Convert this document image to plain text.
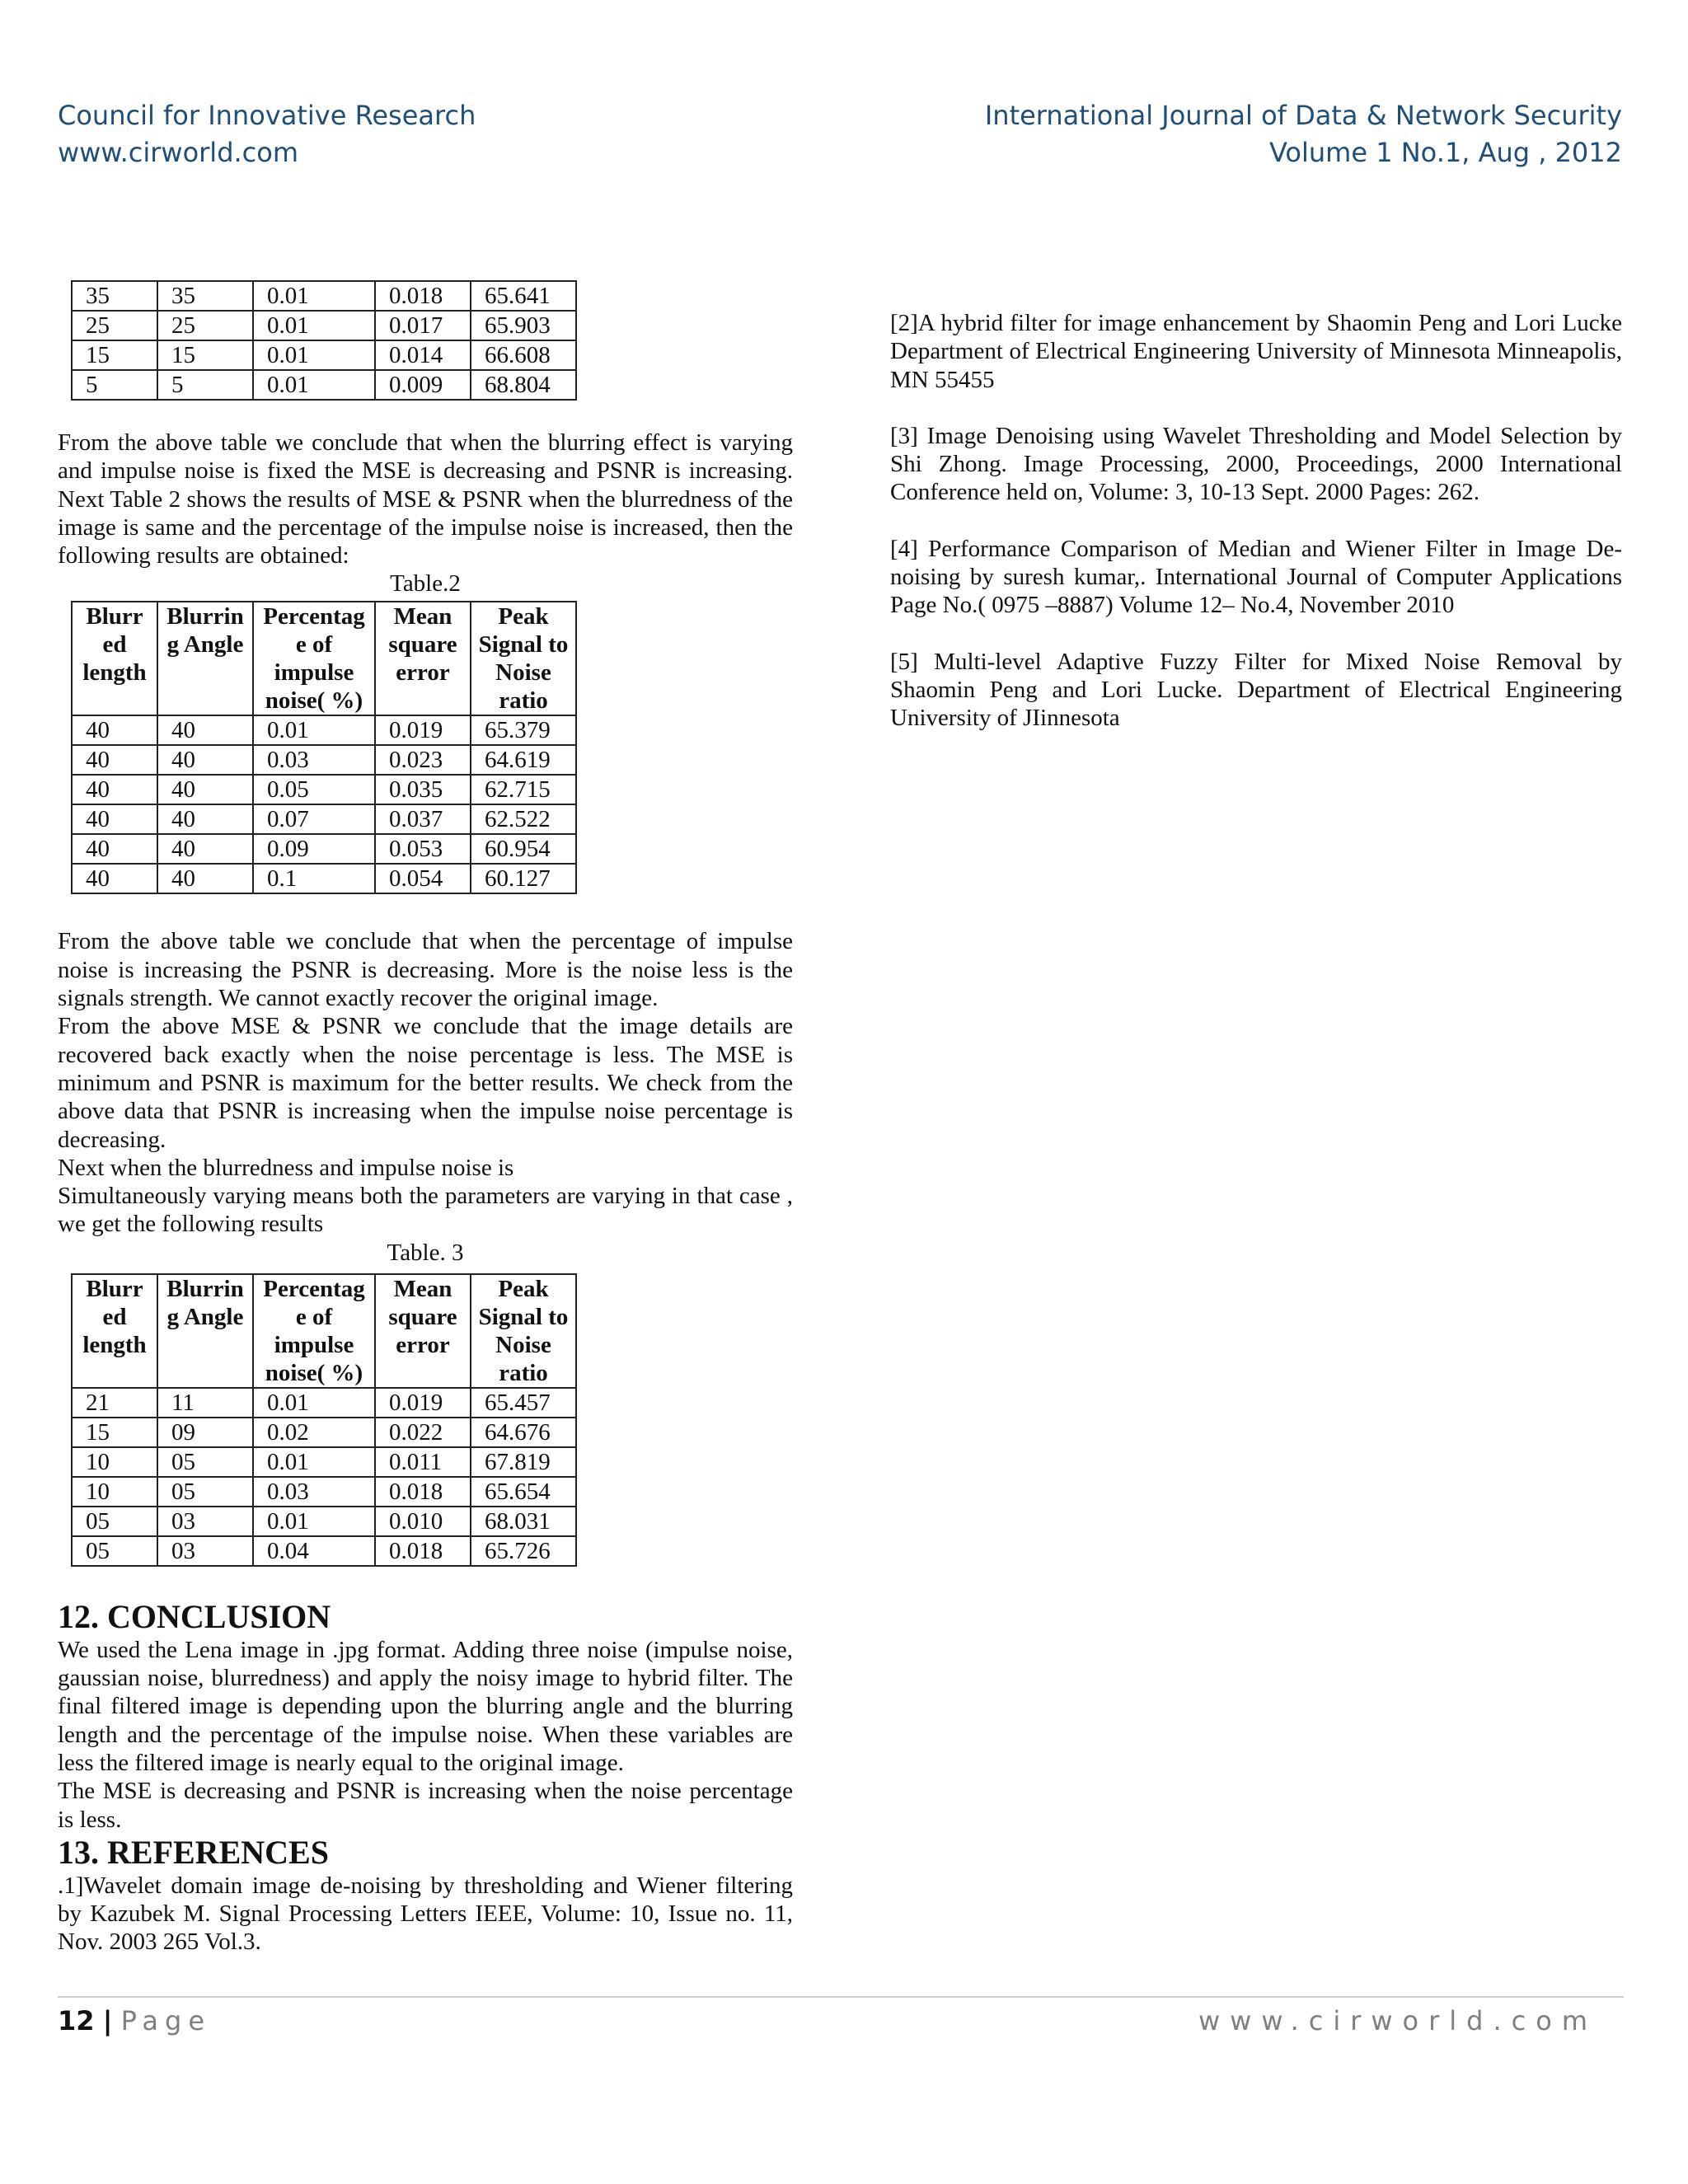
Council for Innovative Research
www.cirworld.com
International Journal of Data & Network Security
Volume 1 No.1, Aug , 2012
35	35	0.01	0.018	65.641
25	25	0.01	0.017	65.903
15	15	0.01	0.014	66.608
5	5	0.01	0.009	68.804

From the above table we conclude that when the blurring effect is varying and impulse noise is fixed the MSE is decreasing and PSNR is increasing. Next Table 2 shows the results of MSE & PSNR when the blurredness of the image is same and the percentage of the impulse noise is increased, then the following results are obtained:

Table.2

Blurr ed length	Blurrin g Angle	Percentag e of impulse noise( %)	Mean square error	Peak Signal to Noise ratio
40	40	0.01	0.019	65.379
40	40	0.03	0.023	64.619
40	40	0.05	0.035	62.715
40	40	0.07	0.037	62.522
40	40	0.09	0.053	60.954
40	40	0.1	0.054	60.127

From the above table we conclude that when the percentage of impulse noise is increasing the PSNR is decreasing. More is the noise less is the signals strength. We cannot exactly recover the original image.

From the above MSE & PSNR we conclude that the image details are recovered back exactly when the noise percentage is less. The MSE is minimum and PSNR is maximum for the better results. We check from the above data that PSNR is increasing when the impulse noise percentage is decreasing.

Next when the blurredness and impulse noise is

Simultaneously varying means both the parameters are varying in that case , we get the following results

Table. 3

Blurr ed length	Blurrin g Angle	Percentag e of impulse noise( %)	Mean square error	Peak Signal to Noise ratio
21	11	0.01	0.019	65.457
15	09	0.02	0.022	64.676
10	05	0.01	0.011	67.819
10	05	0.03	0.018	65.654
05	03	0.01	0.010	68.031
05	03	0.04	0.018	65.726
12. CONCLUSION

We used the Lena image in .jpg format. Adding three noise (impulse noise, gaussian noise, blurredness) and apply the noisy image to hybrid filter. The final filtered image is depending upon the blurring angle and the blurring length and the percentage of the impulse noise. When these variables are less the filtered image is nearly equal to the original image.

The MSE is decreasing and PSNR is increasing when the noise percentage is less.

13. REFERENCES

.1]Wavelet domain image de-noising by thresholding and Wiener filtering by Kazubek M. Signal Processing Letters IEEE, Volume: 10, Issue no. 11, Nov. 2003 265 Vol.3.

[2]A hybrid filter for image enhancement by Shaomin Peng and Lori Lucke Department of Electrical Engineering University of Minnesota Minneapolis, MN 55455

[3] Image Denoising using Wavelet Thresholding and Model Selection by Shi Zhong. Image Processing, 2000, Proceedings, 2000 International Conference held on, Volume: 3, 10-13 Sept. 2000 Pages: 262.

[4] Performance Comparison of Median and Wiener Filter in Image De-noising by suresh kumar,. International Journal of Computer Applications Page No.( 0975 –8887) Volume 12– No.4, November 2010

[5] Multi-level Adaptive Fuzzy Filter for Mixed Noise Removal by Shaomin Peng and Lori Lucke. Department of Electrical Engineering University of JIinnesota

12 | Page	www.cirworld.com
